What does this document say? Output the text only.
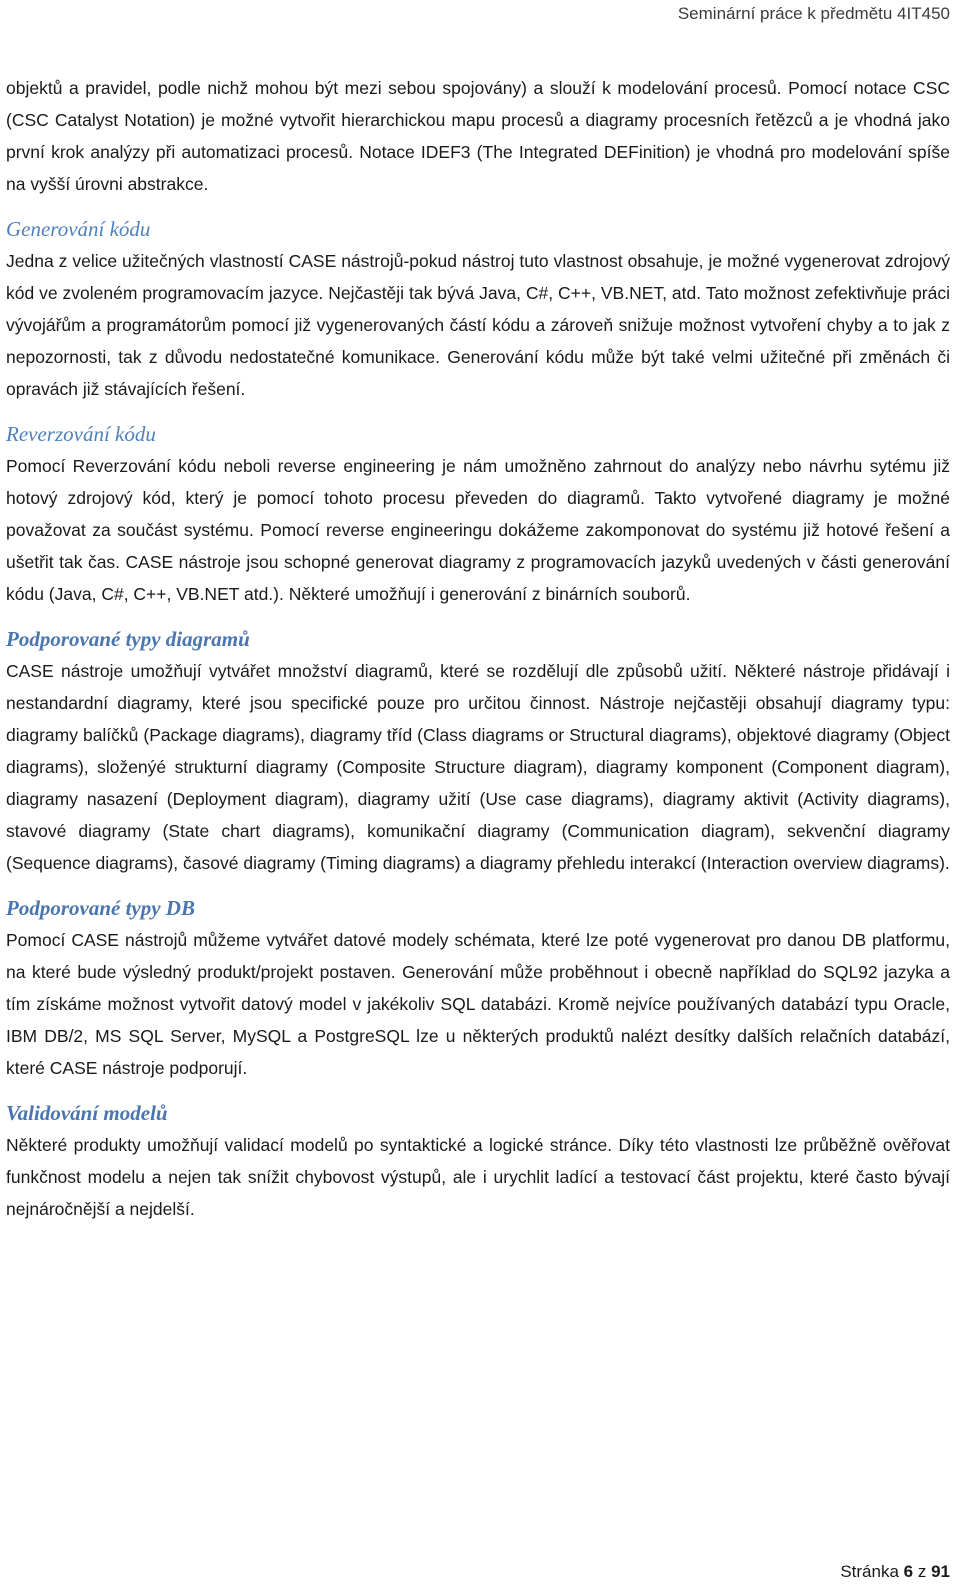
Seminární práce k předmětu 4IT450

objektů a pravidel, podle nichž mohou být mezi sebou spojovány) a slouží k modelování procesů. Pomocí notace CSC (CSC Catalyst Notation) je možné vytvořit hierarchickou mapu procesů a diagramy procesních řetězců a je vhodná jako první krok analýzy při automatizaci procesů. Notace IDEF3 (The Integrated DEFinition) je vhodná pro modelování spíše na vyšší úrovni abstrakce.

Generování kódu

Jedna z velice užitečných vlastností CASE nástrojů-pokud nástroj tuto vlastnost obsahuje, je možné vygenerovat zdrojový kód ve zvoleném programovacím jazyce. Nejčastěji tak bývá Java, C#, C++, VB.NET, atd. Tato možnost zefektivňuje práci vývojářům a programátorům pomocí již vygenerovaných částí kódu a zároveň snižuje možnost vytvoření chyby a to jak z nepozornosti, tak z důvodu nedostatečné komunikace. Generování kódu může být také velmi užitečné při změnách či opravách již stávajících řešení.

Reverzování kódu

Pomocí Reverzování kódu neboli reverse engineering je nám umožněno zahrnout do analýzy nebo návrhu sytému již hotový zdrojový kód, který je pomocí tohoto procesu převeden do diagramů. Takto vytvořené diagramy je možné považovat za součást systému. Pomocí reverse engineeringu dokážeme zakomponovat do systému již hotové řešení a ušetřit tak čas. CASE nástroje jsou schopné generovat diagramy z programovacích jazyků uvedených v části generování kódu (Java, C#, C++, VB.NET atd.). Některé umožňují i generování z binárních souborů.

Podporované typy diagramů

CASE nástroje umožňují vytvářet množství diagramů, které se rozdělují dle způsobů užití. Některé nástroje přidávají i nestandardní diagramy, které jsou specifické pouze pro určitou činnost. Nástroje nejčastěji obsahují diagramy typu: diagramy balíčků (Package diagrams), diagramy tříd (Class diagrams or Structural diagrams), objektové diagramy (Object diagrams), složenýé strukturní diagramy (Composite Structure diagram), diagramy komponent (Component diagram), diagramy nasazení (Deployment diagram), diagramy užití (Use case diagrams), diagramy aktivit (Activity diagrams), stavové diagramy (State chart diagrams), komunikační diagramy (Communication diagram), sekvenční diagramy (Sequence diagrams), časové diagramy (Timing diagrams) a diagramy přehledu interakcí (Interaction overview diagrams).

Podporované typy DB

Pomocí CASE nástrojů můžeme vytvářet datové modely schémata, které lze poté vygenerovat pro danou DB platformu, na které bude výsledný produkt/projekt postaven. Generování může proběhnout i obecně například do SQL92 jazyka a tím získáme možnost vytvořit datový model v jakékoliv SQL databázi. Kromě nejvíce používaných databází typu Oracle, IBM DB/2, MS SQL Server, MySQL a PostgreSQL lze u některých produktů nalézt desítky dalších relačních databází, které CASE nástroje podporují.

Validování modelů

Některé produkty umožňují validací modelů po syntaktické a logické stránce. Díky této vlastnosti lze průběžně ověřovat funkčnost modelu a nejen tak snížit chybovost výstupů, ale i urychlit ladící a testovací část projektu, které často bývají nejnáročnější a nejdelší.

Stránka 6 z 91
